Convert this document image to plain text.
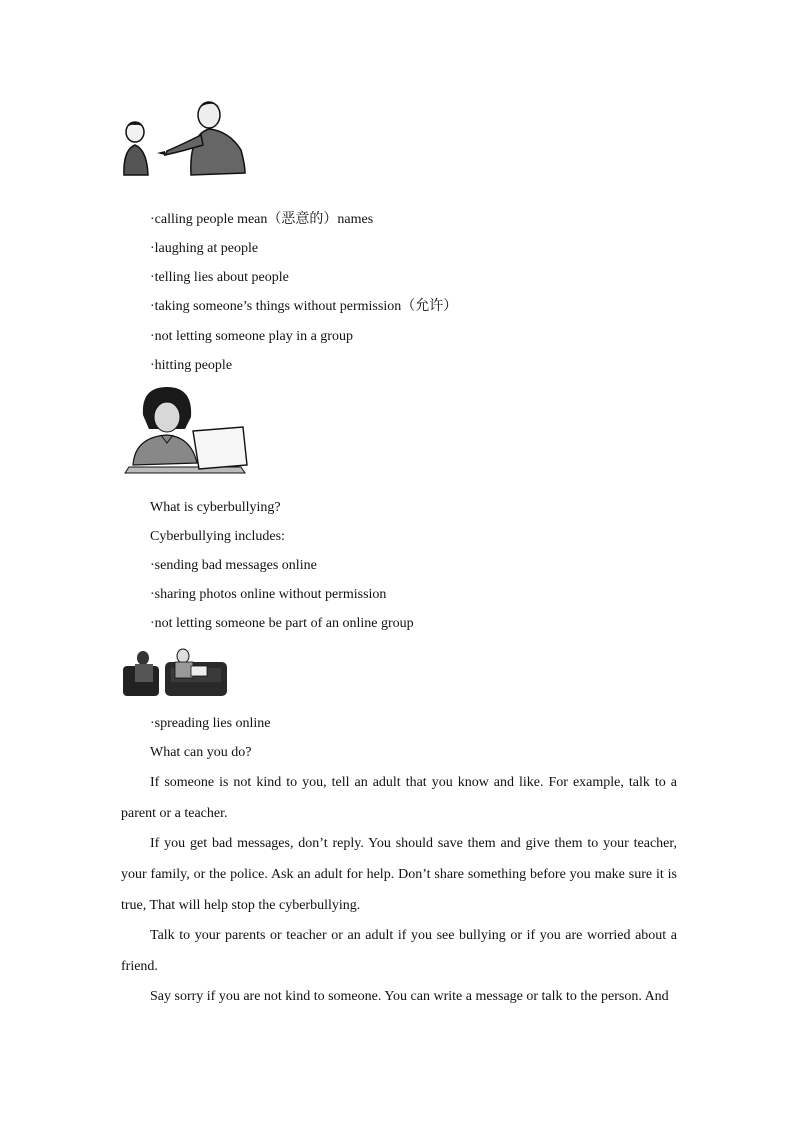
·calling people mean（恶意的）names
·laughing at people
·telling lies about people
·taking someone’s things without permission（允许）
·not letting someone play in a group
·hitting people
What is cyberbullying?
Cyberbullying includes:
·sending bad messages online
·sharing photos online without permission
·not letting someone be part of an online group
·spreading lies online
What can you do?
If someone is not kind to you, tell an adult that you know and like. For example, talk to a parent or a teacher.
If you get bad messages, don’t reply. You should save them and give them to your teacher, your family, or the police. Ask an adult for help. Don’t share something before you make sure it is true, That will help stop the cyberbullying.
Talk to your parents or teacher or an adult if you see bullying or if you are worried about a friend.
Say sorry if you are not kind to someone. You can write a message or talk to the person. And
